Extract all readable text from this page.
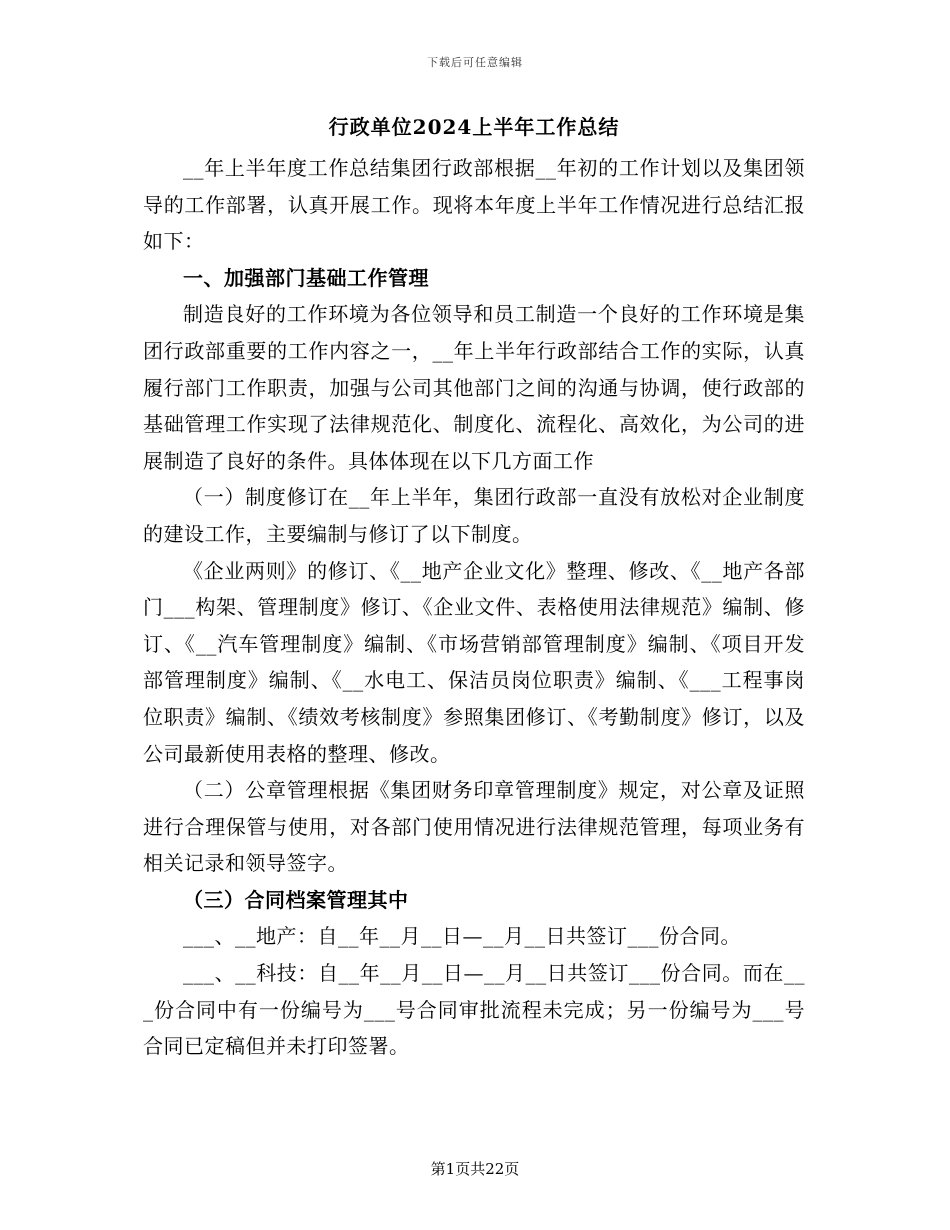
下载后可任意编辑
行政单位2024上半年工作总结

__年上半年度工作总结集团行政部根据__年初的工作计划以及集团领导的工作部署，认真开展工作。现将本年度上半年工作情况进行总结汇报如下：

一、加强部门基础工作管理

制造良好的工作环境为各位领导和员工制造一个良好的工作环境是集团行政部重要的工作内容之一，__年上半年行政部结合工作的实际，认真履行部门工作职责，加强与公司其他部门之间的沟通与协调，使行政部的基础管理工作实现了法律规范化、制度化、流程化、高效化，为公司的进展制造了良好的条件。具体体现在以下几方面工作

（一）制度修订在__年上半年，集团行政部一直没有放松对企业制度的建设工作，主要编制与修订了以下制度。

《企业两则》的修订、《__地产企业文化》整理、修改、《__地产各部门___构架、管理制度》修订、《企业文件、表格使用法律规范》编制、修订、《__汽车管理制度》编制、《市场营销部管理制度》编制、《项目开发部管理制度》编制、《__水电工、保洁员岗位职责》编制、《___工程事岗位职责》编制、《绩效考核制度》参照集团修订、《考勤制度》修订，以及公司最新使用表格的整理、修改。

（二）公章管理根据《集团财务印章管理制度》规定，对公章及证照进行合理保管与使用，对各部门使用情况进行法律规范管理，每项业务有相关记录和领导签字。

（三）合同档案管理其中

___、__地产：自__年__月__日—__月__日共签订___份合同。

___、__科技：自__年__月__日—__月__日共签订___份合同。而在___份合同中有一份编号为___号合同审批流程未完成；另一份编号为___号合同已定稿但并未打印签署。

第1页共22页
